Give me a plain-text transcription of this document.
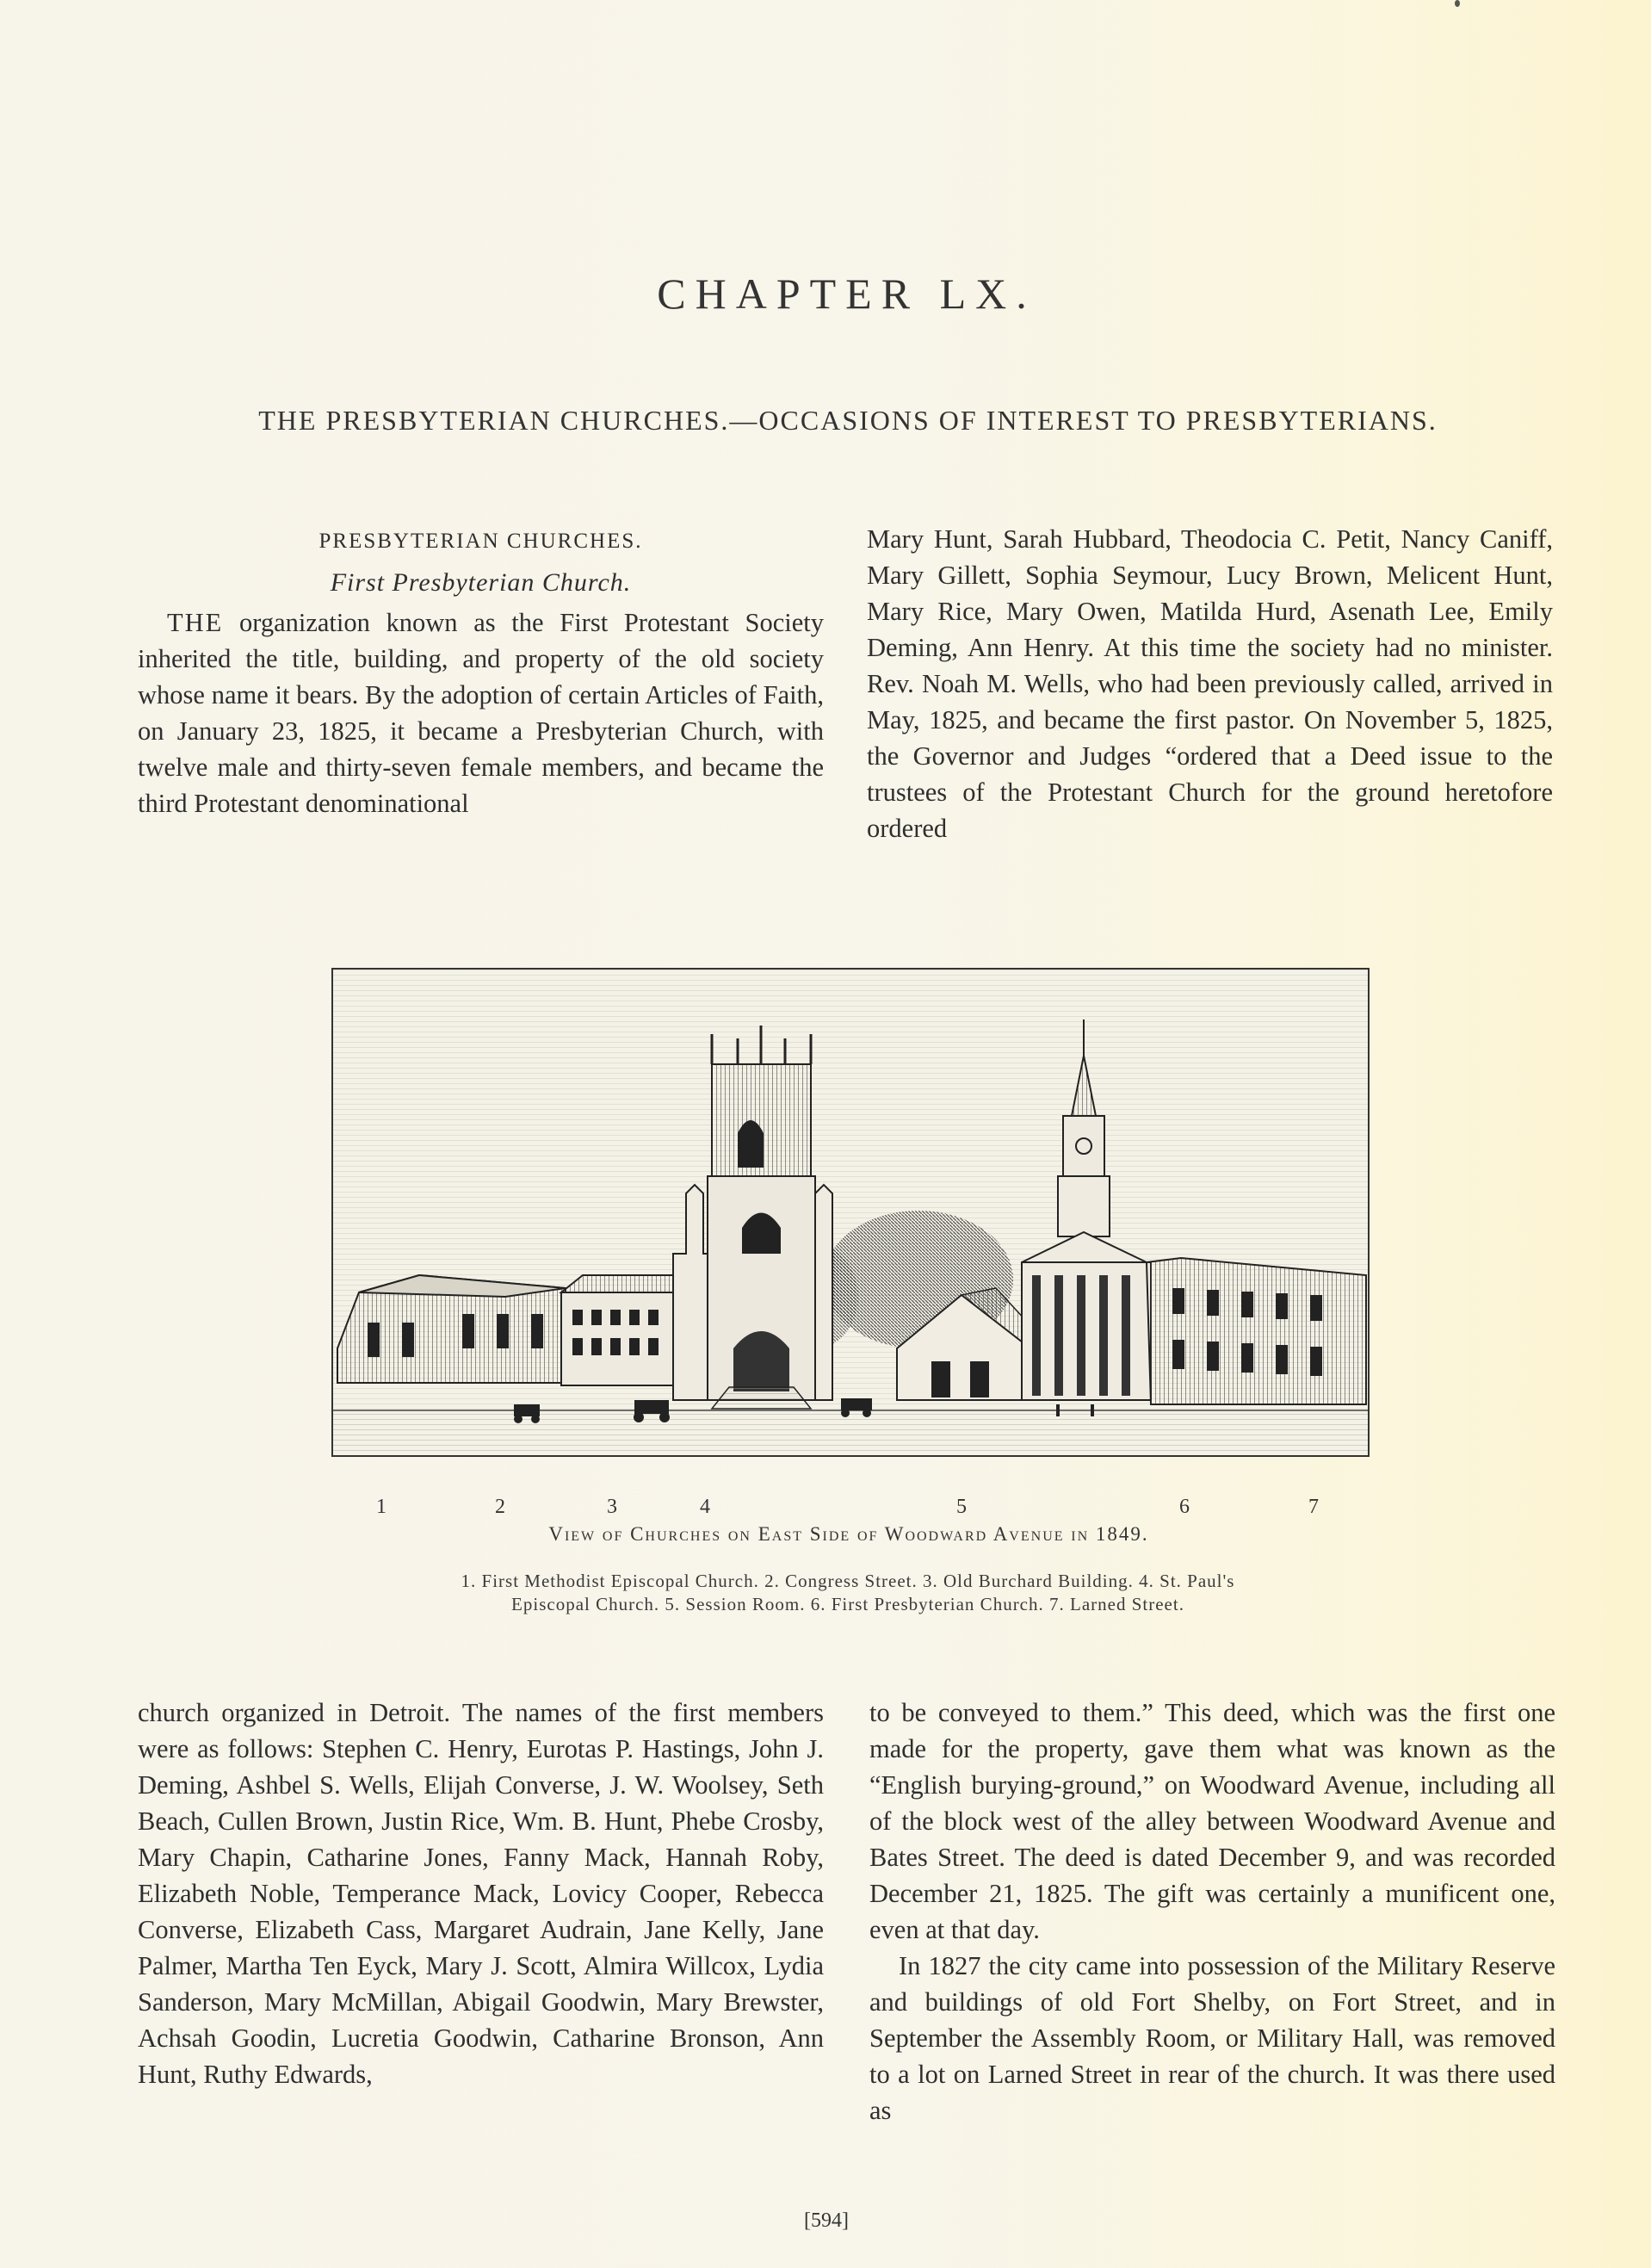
CHAPTER LX.
THE PRESBYTERIAN CHURCHES.—OCCASIONS OF INTEREST TO PRESBYTERIANS.
PRESBYTERIAN CHURCHES.
First Presbyterian Church.

THE organization known as the First Protestant Society inherited the title, building, and property of the old society whose name it bears. By the adoption of certain Articles of Faith, on January 23, 1825, it became a Presbyterian Church, with twelve male and thirty-seven female members, and became the third Protestant denominational

Mary Hunt, Sarah Hubbard, Theodocia C. Petit, Nancy Caniff, Mary Gillett, Sophia Seymour, Lucy Brown, Melicent Hunt, Mary Rice, Mary Owen, Matilda Hurd, Asenath Lee, Emily Deming, Ann Henry. At this time the society had no minister. Rev. Noah M. Wells, who had been previously called, arrived in May, 1825, and became the first pastor. On November 5, 1825, the Governor and Judges “ordered that a Deed issue to the trustees of the Protestant Church for the ground heretofore ordered

1	2	3	4	5	6	7
View of Churches on East Side of Woodward Avenue in 1849.
1. First Methodist Episcopal Church. 2. Congress Street. 3. Old Burchard Building. 4. St. Paul's
Episcopal Church. 5. Session Room. 6. First Presbyterian Church. 7. Larned Street.

church organized in Detroit. The names of the first members were as follows: Stephen C. Henry, Eurotas P. Hastings, John J. Deming, Ashbel S. Wells, Elijah Converse, J. W. Woolsey, Seth Beach, Cullen Brown, Justin Rice, Wm. B. Hunt, Phebe Crosby, Mary Chapin, Catharine Jones, Fanny Mack, Hannah Roby, Elizabeth Noble, Temperance Mack, Lovicy Cooper, Rebecca Converse, Elizabeth Cass, Margaret Audrain, Jane Kelly, Jane Palmer, Martha Ten Eyck, Mary J. Scott, Almira Willcox, Lydia Sanderson, Mary McMillan, Abigail Goodwin, Mary Brewster, Achsah Goodin, Lucretia Goodwin, Catharine Bronson, Ann Hunt, Ruthy Edwards,

to be conveyed to them.” This deed, which was the first one made for the property, gave them what was known as the “English burying-ground,” on Woodward Avenue, including all of the block west of the alley between Woodward Avenue and Bates Street. The deed is dated December 9, and was recorded December 21, 1825. The gift was certainly a munificent one, even at that day.

In 1827 the city came into possession of the Military Reserve and buildings of old Fort Shelby, on Fort Street, and in September the Assembly Room, or Military Hall, was removed to a lot on Larned Street in rear of the church. It was there used as

[594]
